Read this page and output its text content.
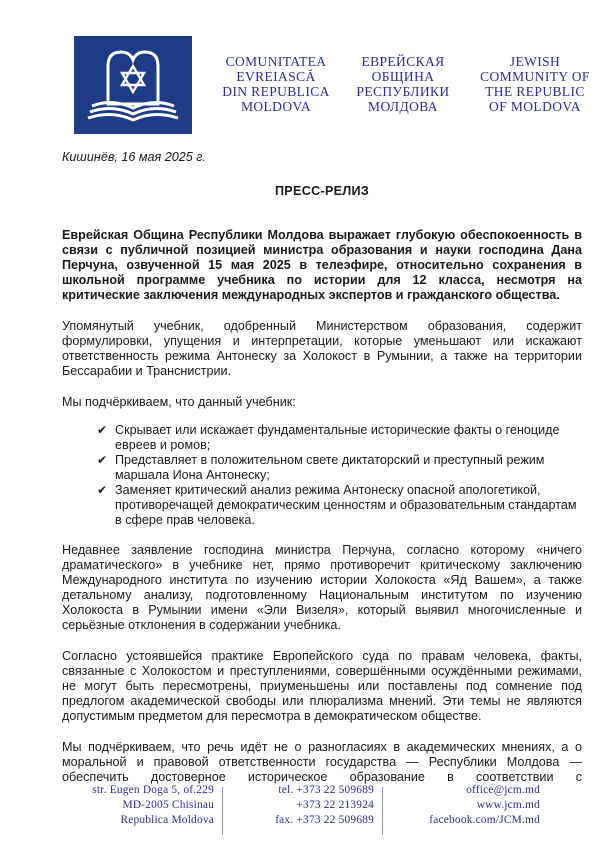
COMUNITATEA
EVREIASCĂ
DIN REPUBLICA
MOLDOVA
ЕВРЕЙСКАЯ
ОБЩИНА
РЕСПУБЛИКИ
МОЛДОВА
JEWISH
COMMUNITY OF
THE REPUBLIC
OF MOLDOVA
Кишинёв, 16 мая 2025 г.
ПРЕСС-РЕЛИЗ

Еврейская Община Республики Молдова выражает глубокую обеспокоенность в связи с публичной позицией министра образования и науки господина Дана Перчуна, озвученной 15 мая 2025 в телеэфире, относительно сохранения в школьной программе учебника по истории для 12 класса, несмотря на критические заключения международных экспертов и гражданского общества.

Упомянутый учебник, одобренный Министерством образования, содержит формулировки, упущения и интерпретации, которые уменьшают или искажают ответственность режима Антонеску за Холокост в Румынии, а также на территории Бессарабии и Транснистрии.

Мы подчёркиваем, что данный учебник:

✔ Скрывает или искажает фундаментальные исторические факты о геноциде евреев и ромов;
✔ Представляет в положительном свете диктаторский и преступный режим маршала Иона Антонеску;
✔ Заменяет критический анализ режима Антонеску опасной апологетикой, противоречащей демократическим ценностям и образовательным стандартам в сфере прав человека.

Недавнее заявление господина министра Перчуна, согласно которому «ничего драматического» в учебнике нет, прямо противоречит критическому заключению Международного института по изучению истории Холокоста «Яд Вашем», а также детальному анализу, подготовленному Национальным институтом по изучению Холокоста в Румынии имени «Эли Визеля», который выявил многочисленные и серьёзные отклонения в содержании учебника.

Согласно устоявшейся практике Европейского суда по правам человека, факты, связанные с Холокостом и преступлениями, совершёнными осуждёнными режимами, не могут быть пересмотрены, приуменьшены или поставлены под сомнение под предлогом академической свободы или плюрализма мнений. Эти темы не являются допустимым предметом для пересмотра в демократическом обществе.

Мы подчёркиваем, что речь идёт не о разногласиях в академических мнениях, а о моральной и правовой ответственности государства — Республики Молдова — обеспечить достоверное историческое образование в соответствии с

str. Eugen Doga 5, of.229
MD-2005 Chisinau
Republica Moldova
tel. +373 22 509689
+373 22 213924
fax. +373 22 509689
office@jcm.md
www.jcm.md
facebook.com/JCM.md
